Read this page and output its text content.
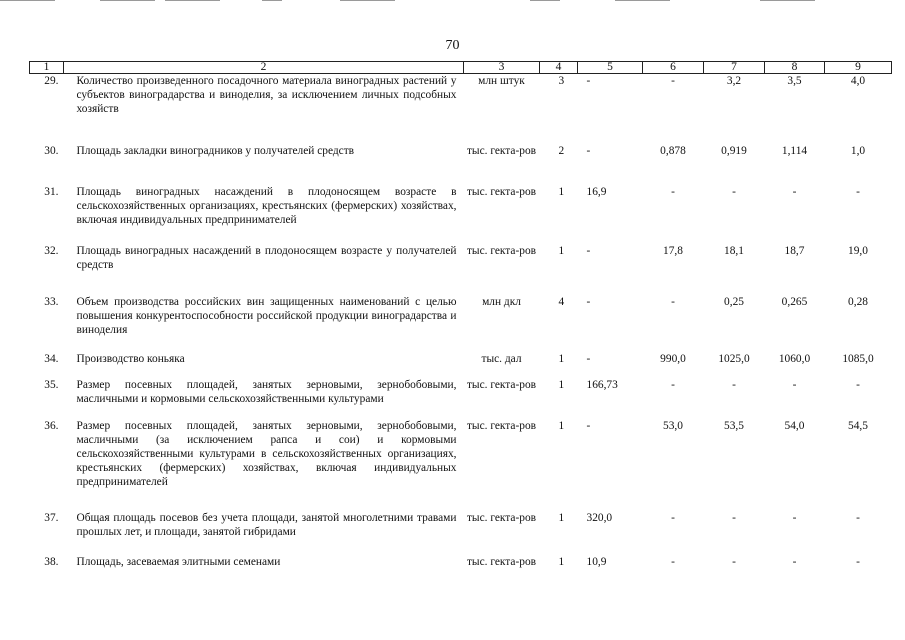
70
1	2	3	4	5	6	7	8	9
29.	Количество произведенного посадочного материала виноградных растений у субъектов виноградарства и виноделия, за исключением личных подсобных хозяйств	млн штук	3	-	-	3,2	3,5	4,0
30.	Площадь закладки виноградников у получателей средств	тыс. гекта-ров	2	-	0,878	0,919	1,114	1,0
31.	Площадь виноградных насаждений в плодоносящем возрасте в сельскохозяйственных организациях, крестьянских (фермерских) хозяйствах, включая индивидуальных предпринимателей	тыс. гекта-ров	1	16,9	-	-	-	-
32.	Площадь виноградных насаждений в плодоносящем возрасте у получателей средств	тыс. гекта-ров	1	-	17,8	18,1	18,7	19,0
33.	Объем производства российских вин защищенных наименований с целью повышения конкурентоспособности российской продукции виноградарства и виноделия	млн дкл	4	-	-	0,25	0,265	0,28
34.	Производство коньяка	тыс. дал	1	-	990,0	1025,0	1060,0	1085,0
35.	Размер посевных площадей, занятых зерновыми, зернобобовыми, масличными и кормовыми сельскохозяйственными культурами	тыс. гекта-ров	1	166,73	-	-	-	-
36.	Размер посевных площадей, занятых зерновыми, зернобобовыми, масличными (за исключением рапса и сои) и кормовыми сельскохозяйственными культурами в сельскохозяйственных организациях, крестьянских (фермерских) хозяйствах, включая индивидуальных предпринимателей	тыс. гекта-ров	1	-	53,0	53,5	54,0	54,5
37.	Общая площадь посевов без учета площади, занятой многолетними травами прошлых лет, и площади, занятой гибридами	тыс. гекта-ров	1	320,0	-	-	-	-
38.	Площадь, засеваемая элитными семенами	тыс. гекта-ров	1	10,9	-	-	-	-
